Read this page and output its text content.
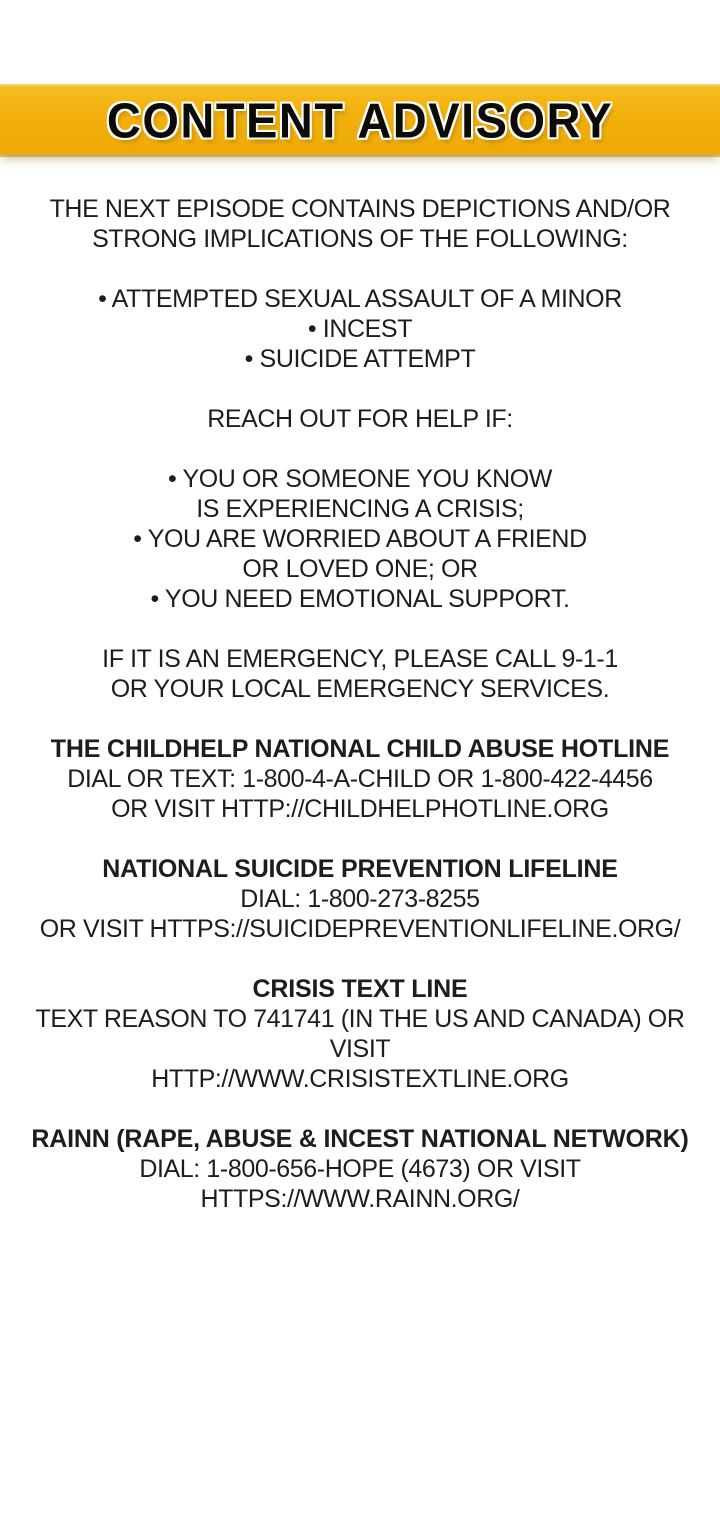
CONTENT ADVISORY
THE NEXT EPISODE CONTAINS DEPICTIONS AND/OR
STRONG IMPLICATIONS OF THE FOLLOWING:
• ATTEMPTED SEXUAL ASSAULT OF A MINOR
• INCEST
• SUICIDE ATTEMPT
REACH OUT FOR HELP IF:
• YOU OR SOMEONE YOU KNOW
IS EXPERIENCING A CRISIS;
• YOU ARE WORRIED ABOUT A FRIEND
OR LOVED ONE; OR
• YOU NEED EMOTIONAL SUPPORT.
IF IT IS AN EMERGENCY, PLEASE CALL 9-1-1
OR YOUR LOCAL EMERGENCY SERVICES.
THE CHILDHELP NATIONAL CHILD ABUSE HOTLINE
DIAL OR TEXT: 1-800-4-A-CHILD OR 1-800-422-4456
OR VISIT HTTP://CHILDHELPHOTLINE.ORG
NATIONAL SUICIDE PREVENTION LIFELINE
DIAL: 1-800-273-8255
OR VISIT HTTPS://SUICIDEPREVENTIONLIFELINE.ORG/
CRISIS TEXT LINE
TEXT REASON TO 741741 (IN THE US AND CANADA) OR VISIT
HTTP://WWW.CRISISTEXTLINE.ORG
RAINN (RAPE, ABUSE & INCEST NATIONAL NETWORK)
DIAL: 1-800-656-HOPE (4673) OR VISIT HTTPS://WWW.RAINN.ORG/
